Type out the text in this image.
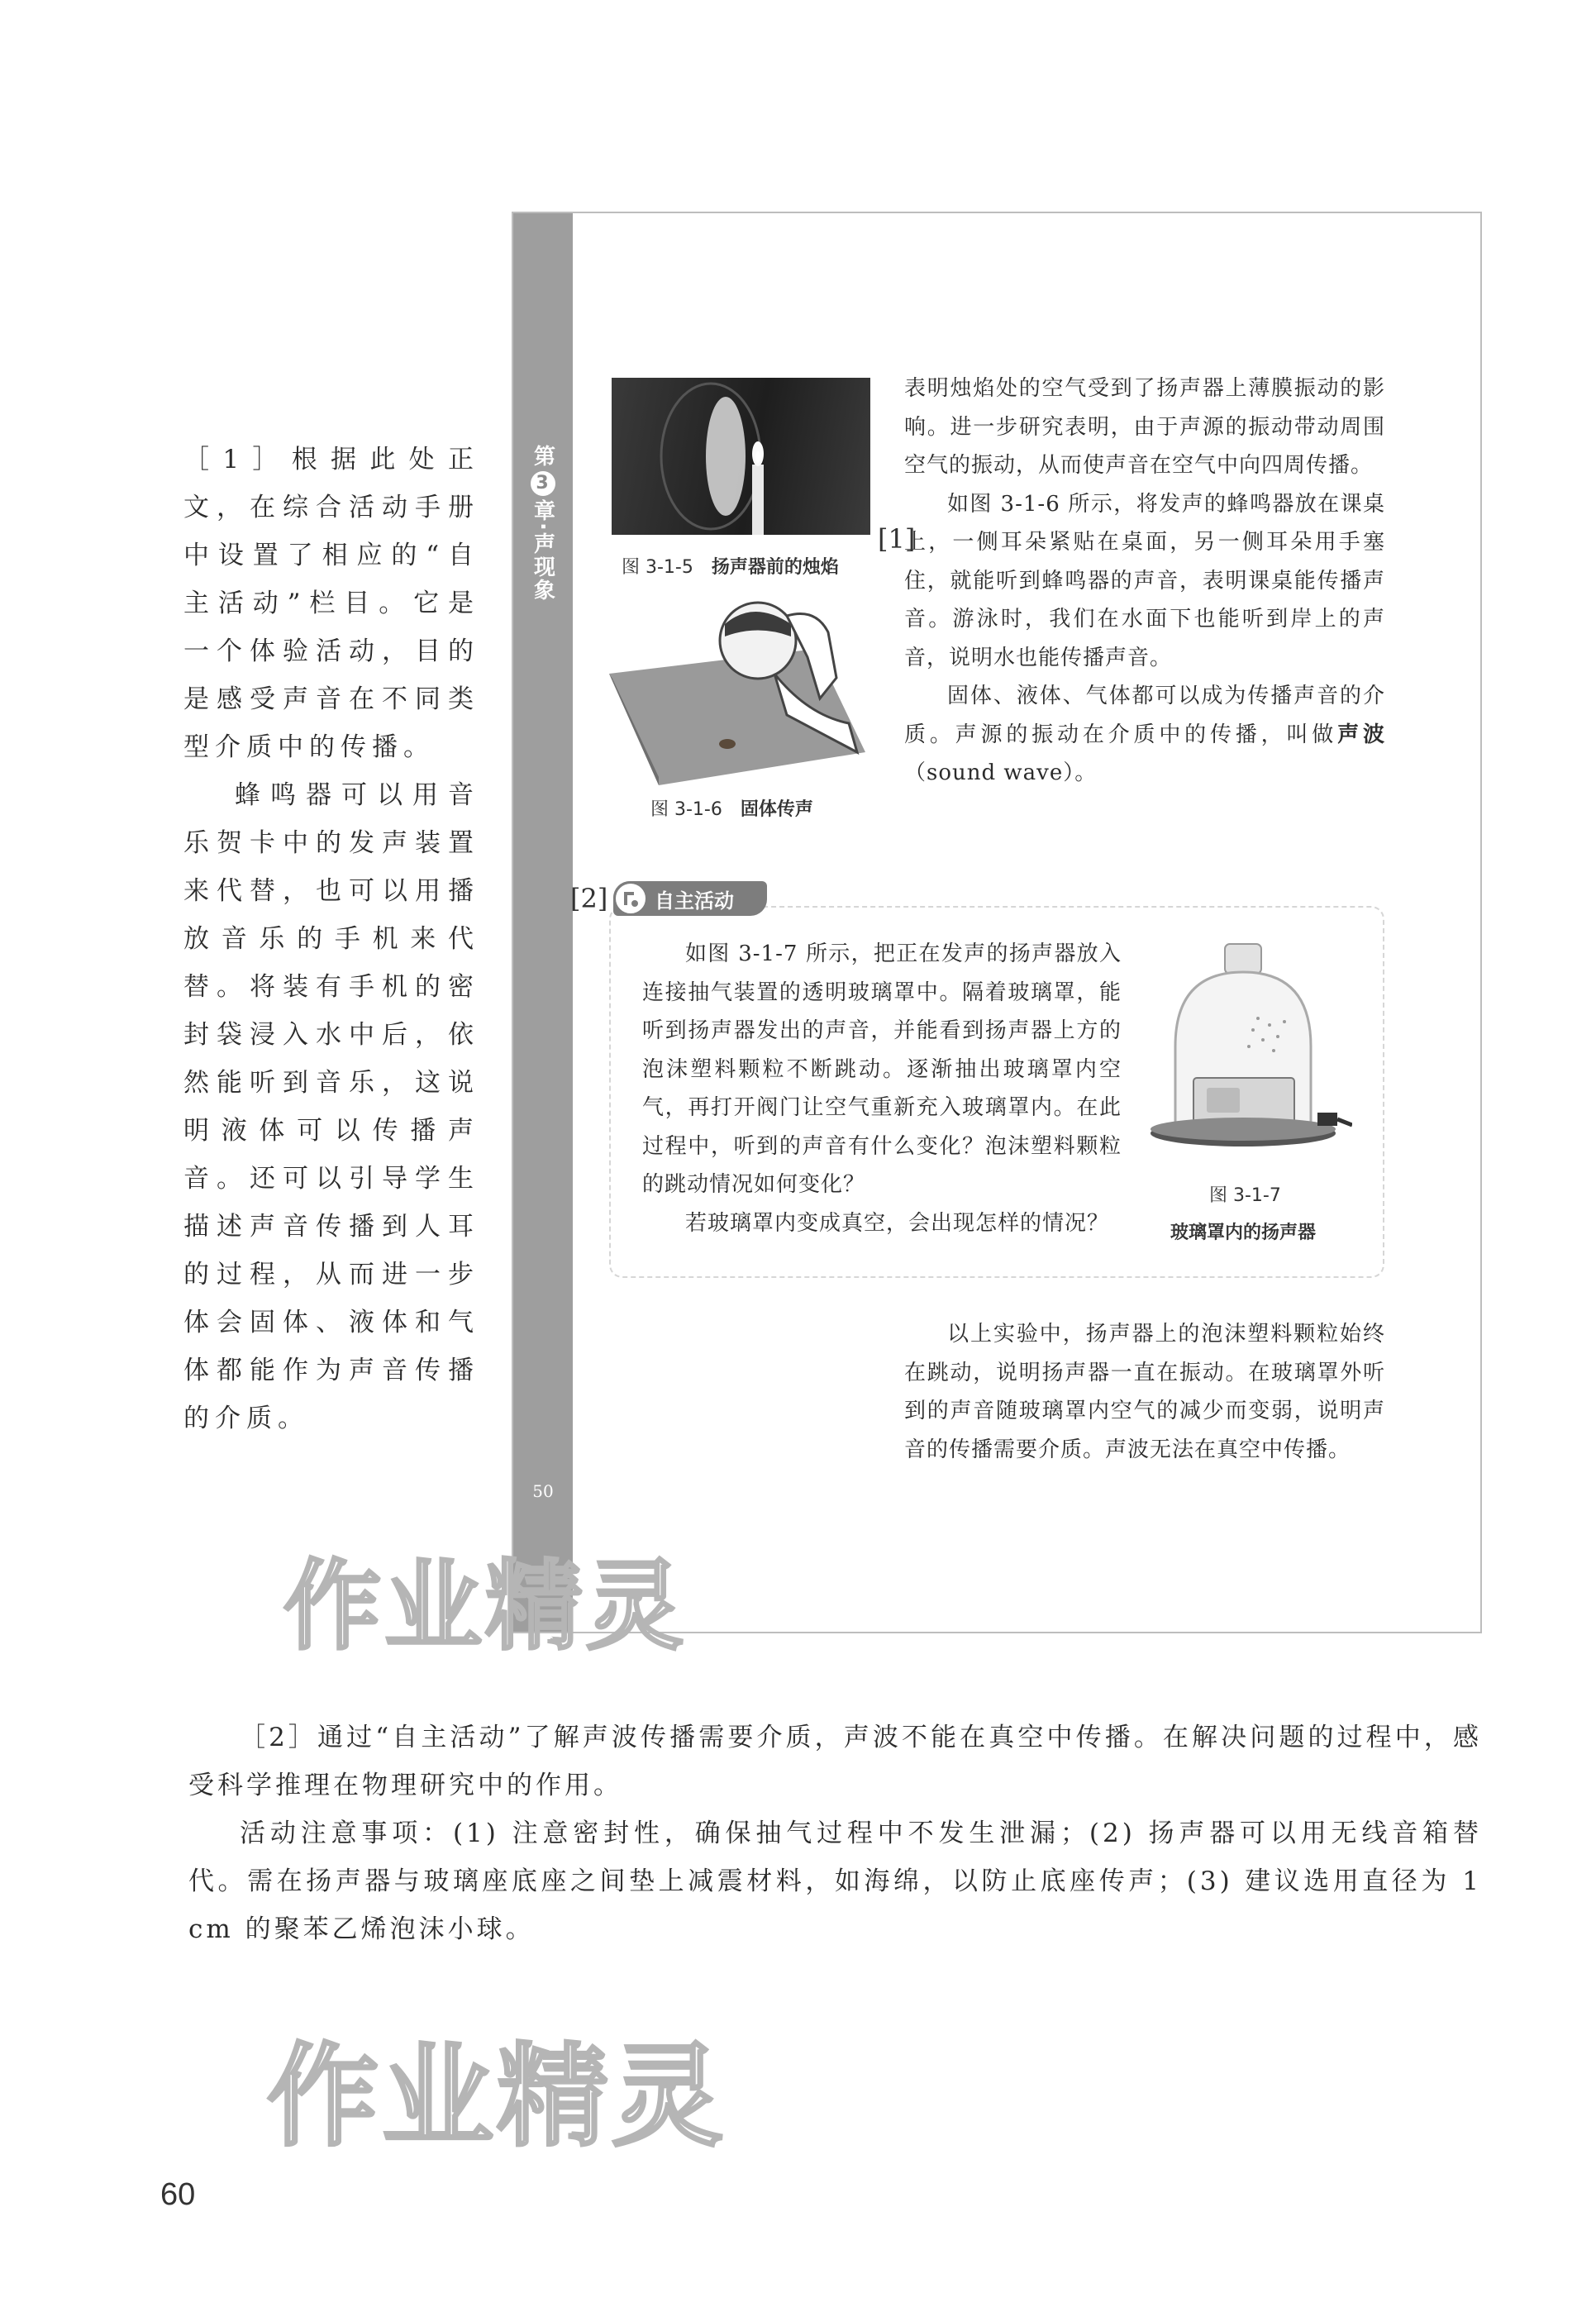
［1］根据此处正文，在综合活动手册中设置了相应的“自主活动”栏目。它是一个体验活动，目的是感受声音在不同类型介质中的传播。

蜂鸣器可以用音乐贺卡中的发声装置来代替，也可以用播放音乐的手机来代替。将装有手机的密封袋浸入水中后，依然能听到音乐，这说明液体可以传播声音。还可以引导学生描述声音传播到人耳的过程，从而进一步体会固体、液体和气体都能作为声音传播的介质。

第
3
章·声现象
50
图 3-1-5 扬声器前的烛焰
图 3-1-6 固体传声

表明烛焰处的空气受到了扬声器上薄膜振动的影响。进一步研究表明，由于声源的振动带动周围空气的振动，从而使声音在空气中向四周传播。

如图 3-1-6 所示，将发声的蜂鸣器放在课桌上，一侧耳朵紧贴在桌面，另一侧耳朵用手塞住，就能听到蜂鸣器的声音，表明课桌能传播声音。游泳时，我们在水面下也能听到岸上的声音，说明水也能传播声音。

固体、液体、气体都可以成为传播声音的介质。声源的振动在介质中的传播，叫做声波（sound wave）。

[1]
[2] 自主活动

如图 3-1-7 所示，把正在发声的扬声器放入连接抽气装置的透明玻璃罩中。隔着玻璃罩，能听到扬声器发出的声音，并能看到扬声器上方的泡沫塑料颗粒不断跳动。逐渐抽出玻璃罩内空气，再打开阀门让空气重新充入玻璃罩内。在此过程中，听到的声音有什么变化？泡沫塑料颗粒的跳动情况如何变化？

若玻璃罩内变成真空，会出现怎样的情况？

图 3-1-7
玻璃罩内的扬声器

以上实验中，扬声器上的泡沫塑料颗粒始终在跳动，说明扬声器一直在振动。在玻璃罩外听到的声音随玻璃罩内空气的减少而变弱，说明声音的传播需要介质。声波无法在真空中传播。

作业精灵
作业精灵

［2］通过“自主活动”了解声波传播需要介质，声波不能在真空中传播。在解决问题的过程中，感受科学推理在物理研究中的作用。

活动注意事项：(1) 注意密封性，确保抽气过程中不发生泄漏；(2) 扬声器可以用无线音箱替代。需在扬声器与玻璃座底座之间垫上减震材料，如海绵，以防止底座传声；(3) 建议选用直径为 1 cm 的聚苯乙烯泡沫小球。

60
